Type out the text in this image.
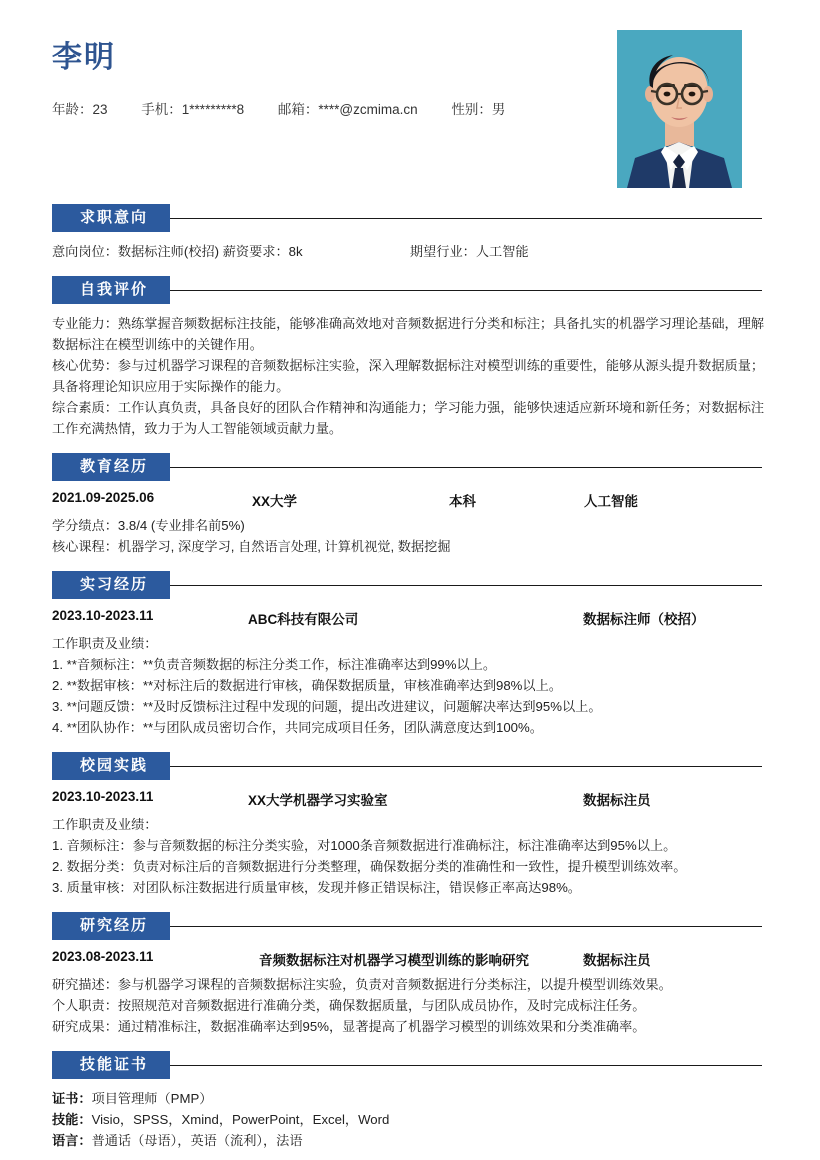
李明
年龄：23	手机：1*********8	邮箱：****@zcmima.cn	性别：男
求职意向
意向岗位：数据标注师(校招) 薪资要求：8k	期望行业：人工智能
自我评价

专业能力：熟练掌握音频数据标注技能，能够准确高效地对音频数据进行分类和标注；具备扎实的机器学习理论基础，理解数据标注在模型训练中的关键作用。

核心优势：参与过机器学习课程的音频数据标注实验，深入理解数据标注对模型训练的重要性，能够从源头提升数据质量；具备将理论知识应用于实际操作的能力。

综合素质：工作认真负责，具备良好的团队合作精神和沟通能力；学习能力强，能够快速适应新环境和新任务；对数据标注工作充满热情，致力于为人工智能领域贡献力量。

教育经历
2021.09-2025.06	XX大学	本科	人工智能

学分绩点：3.8/4 (专业排名前5%)

核心课程：机器学习, 深度学习, 自然语言处理, 计算机视觉, 数据挖掘

实习经历
2023.10-2023.11	ABC科技有限公司	数据标注师（校招）

工作职责及业绩：

1. **音频标注：**负责音频数据的标注分类工作，标注准确率达到99%以上。

2. **数据审核：**对标注后的数据进行审核，确保数据质量，审核准确率达到98%以上。

3. **问题反馈：**及时反馈标注过程中发现的问题，提出改进建议，问题解决率达到95%以上。

4. **团队协作：**与团队成员密切合作，共同完成项目任务，团队满意度达到100%。

校园实践
2023.10-2023.11	XX大学机器学习实验室	数据标注员

工作职责及业绩：

1. 音频标注：参与音频数据的标注分类实验，对1000条音频数据进行准确标注，标注准确率达到95%以上。

2. 数据分类：负责对标注后的音频数据进行分类整理，确保数据分类的准确性和一致性，提升模型训练效率。

3. 质量审核：对团队标注数据进行质量审核，发现并修正错误标注，错误修正率高达98%。

研究经历
2023.08-2023.11	音频数据标注对机器学习模型训练的影响研究	数据标注员

研究描述：参与机器学习课程的音频数据标注实验，负责对音频数据进行分类标注，以提升模型训练效果。

个人职责：按照规范对音频数据进行准确分类，确保数据质量，与团队成员协作，及时完成标注任务。

研究成果：通过精准标注，数据准确率达到95%，显著提高了机器学习模型的训练效果和分类准确率。

技能证书
证书：项目管理师（PMP）
技能：Visio，SPSS，Xmind，PowerPoint，Excel，Word
语言：普通话（母语），英语（流利），法语
